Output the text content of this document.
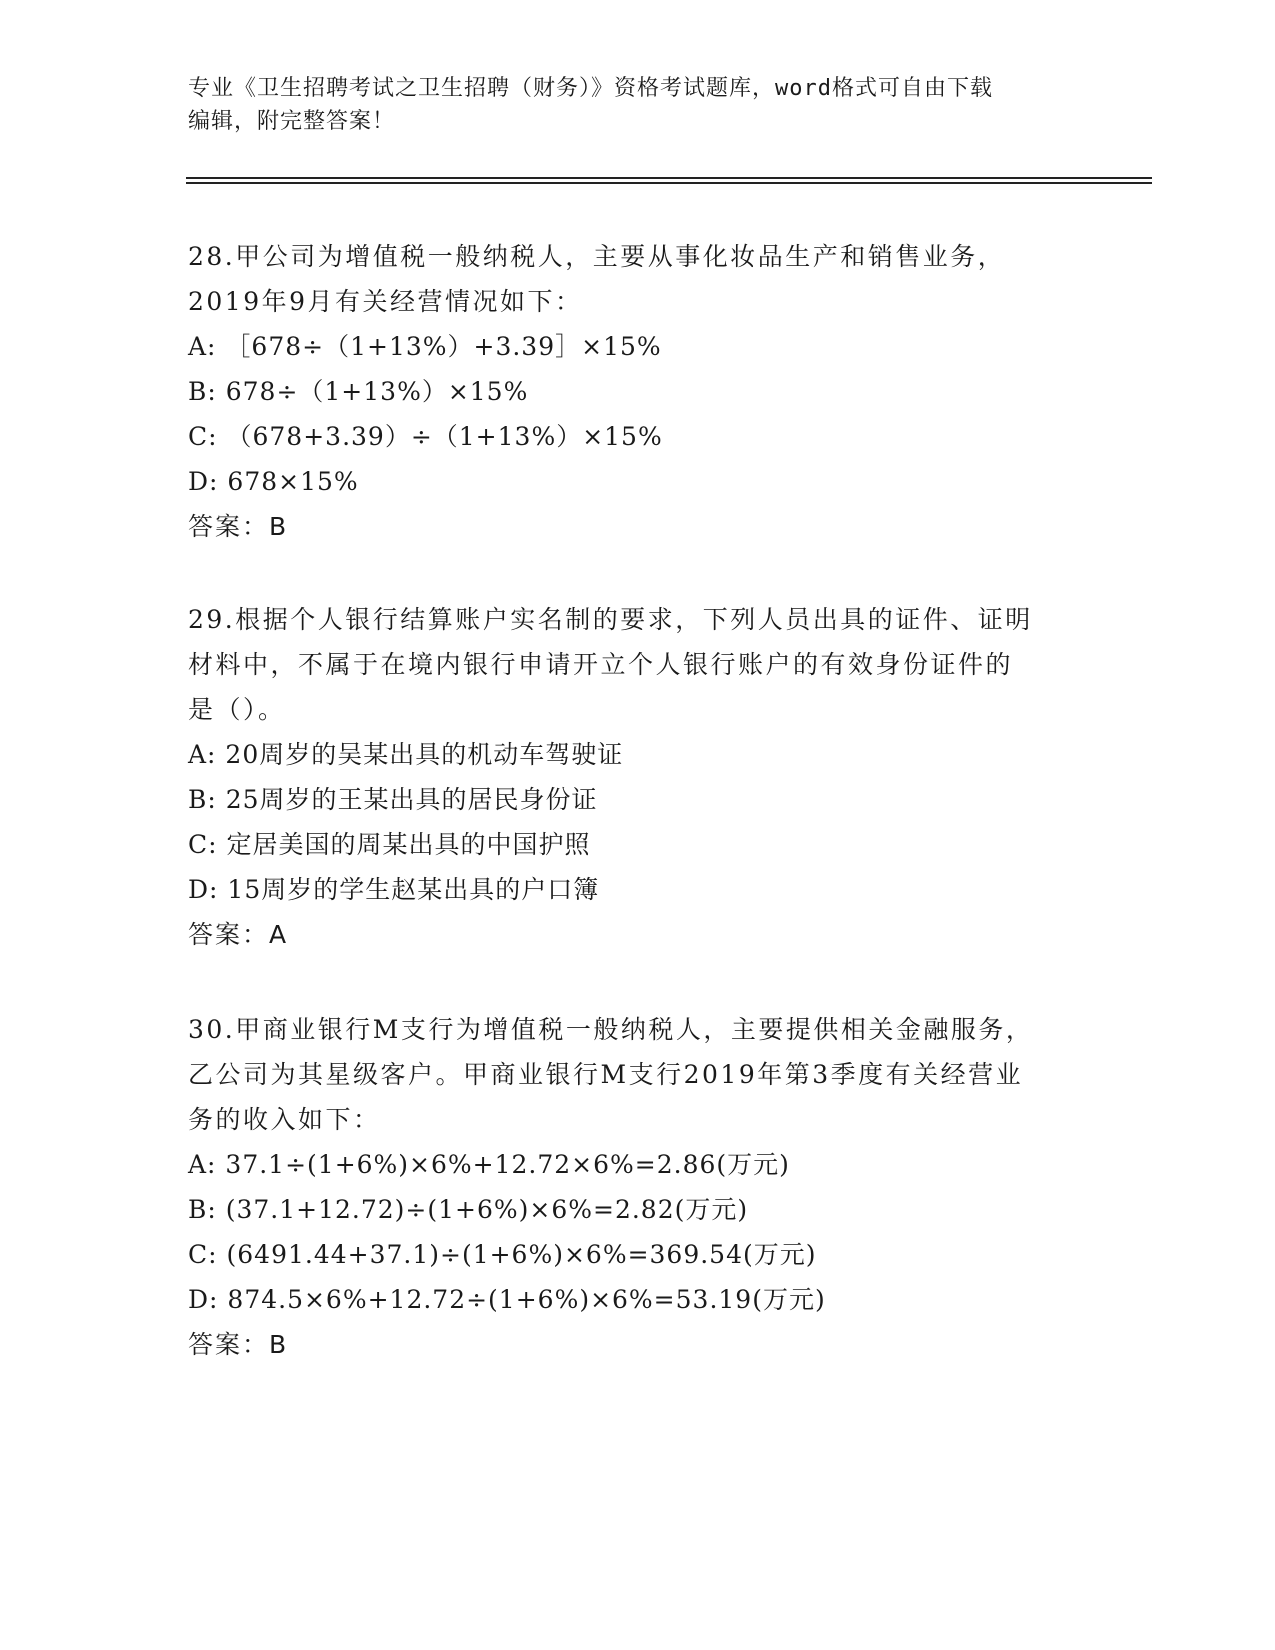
专业《卫生招聘考试之卫生招聘（财务）》资格考试题库，word格式可自由下载
编辑，附完整答案！
28.甲公司为增值税一般纳税人，主要从事化妆品生产和销售业务，
2019年9月有关经营情况如下：
A: ［678÷（1+13%）+3.39］×15%
B: 678÷（1+13%）×15%
C: （678+3.39）÷（1+13%）×15%
D: 678×15%
答案：B
29.根据个人银行结算账户实名制的要求，下列人员出具的证件、证明
材料中，不属于在境内银行申请开立个人银行账户的有效身份证件的
是（）。
A: 20周岁的吴某出具的机动车驾驶证
B: 25周岁的王某出具的居民身份证
C: 定居美国的周某出具的中国护照
D: 15周岁的学生赵某出具的户口簿
答案：A
30.甲商业银行M支行为增值税一般纳税人，主要提供相关金融服务，
乙公司为其星级客户。甲商业银行M支行2019年第3季度有关经营业
务的收入如下：
A: 37.1÷(1+6%)×6%+12.72×6%=2.86(万元)
B: (37.1+12.72)÷(1+6%)×6%=2.82(万元)
C: (6491.44+37.1)÷(1+6%)×6%=369.54(万元)
D: 874.5×6%+12.72÷(1+6%)×6%=53.19(万元)
答案：B
